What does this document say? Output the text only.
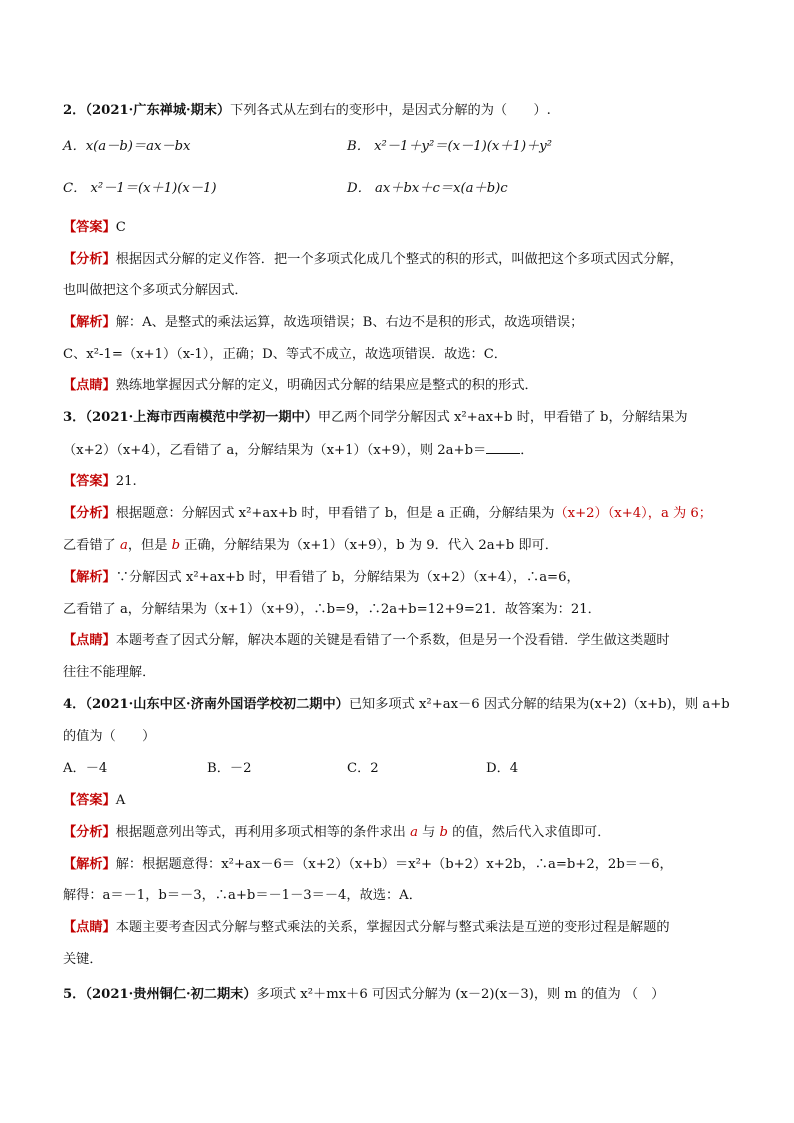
2．（2021·广东禅城·期末）下列各式从左到右的变形中，是因式分解的为（　　）.
A．x(a－b)＝ax－bx	B． x²－1＋y²＝(x－1)(x＋1)＋y²
C． x²－1＝(x＋1)(x－1)	D． ax＋bx＋c＝x(a＋b)c
【答案】C
【分析】根据因式分解的定义作答．把一个多项式化成几个整式的积的形式，叫做把这个多项式因式分解，
也叫做把这个多项式分解因式．
【解析】解：A、是整式的乘法运算，故选项错误；B、右边不是积的形式，故选项错误；
C、x²-1=（x+1）（x-1），正确；D、等式不成立，故选项错误．故选：C．
【点睛】熟练地掌握因式分解的定义，明确因式分解的结果应是整式的积的形式．
3．（2021·上海市西南模范中学初一期中）甲乙两个同学分解因式 x²+ax+b 时，甲看错了 b，分解结果为
（x+2）（x+4），乙看错了 a，分解结果为（x+1）（x+9），则 2a+b＝	．
【答案】21.
【分析】根据题意：分解因式 x²+ax+b 时，甲看错了 b，但是 a 正确，分解结果为（x+2）（x+4），a 为 6；
乙看错了 a，但是 b 正确，分解结果为（x+1）（x+9），b 为 9．代入 2a+b 即可．
【解析】∵分解因式 x²+ax+b 时，甲看错了 b，分解结果为（x+2）（x+4），∴a=6，
乙看错了 a，分解结果为（x+1）（x+9），∴b=9，∴2a+b=12+9=21．故答案为：21．
【点睛】本题考查了因式分解，解决本题的关键是看错了一个系数，但是另一个没看错．学生做这类题时
往往不能理解．
4．（2021·山东中区·济南外国语学校初二期中）已知多项式 x²+ax－6 因式分解的结果为(x+2)（x+b)，则 a+b
的值为（　　）
A．－4	B．－2	C．2	D．4
【答案】A
【分析】根据题意列出等式，再利用多项式相等的条件求出 a 与 b 的值，然后代入求值即可．
【解析】解：根据题意得：x²+ax－6＝（x+2）（x+b）＝x²+（b+2）x+2b，∴a=b+2，2b＝－6，
解得：a＝－1，b＝－3，∴a+b＝－1－3＝－4，故选：A．
【点睛】本题主要考查因式分解与整式乘法的关系，掌握因式分解与整式乘法是互逆的变形过程是解题的
关键．
5．（2021·贵州铜仁·初二期末）多项式 x²＋mx＋6 可因式分解为 (x－2)(x－3)，则 m 的值为 （　）
